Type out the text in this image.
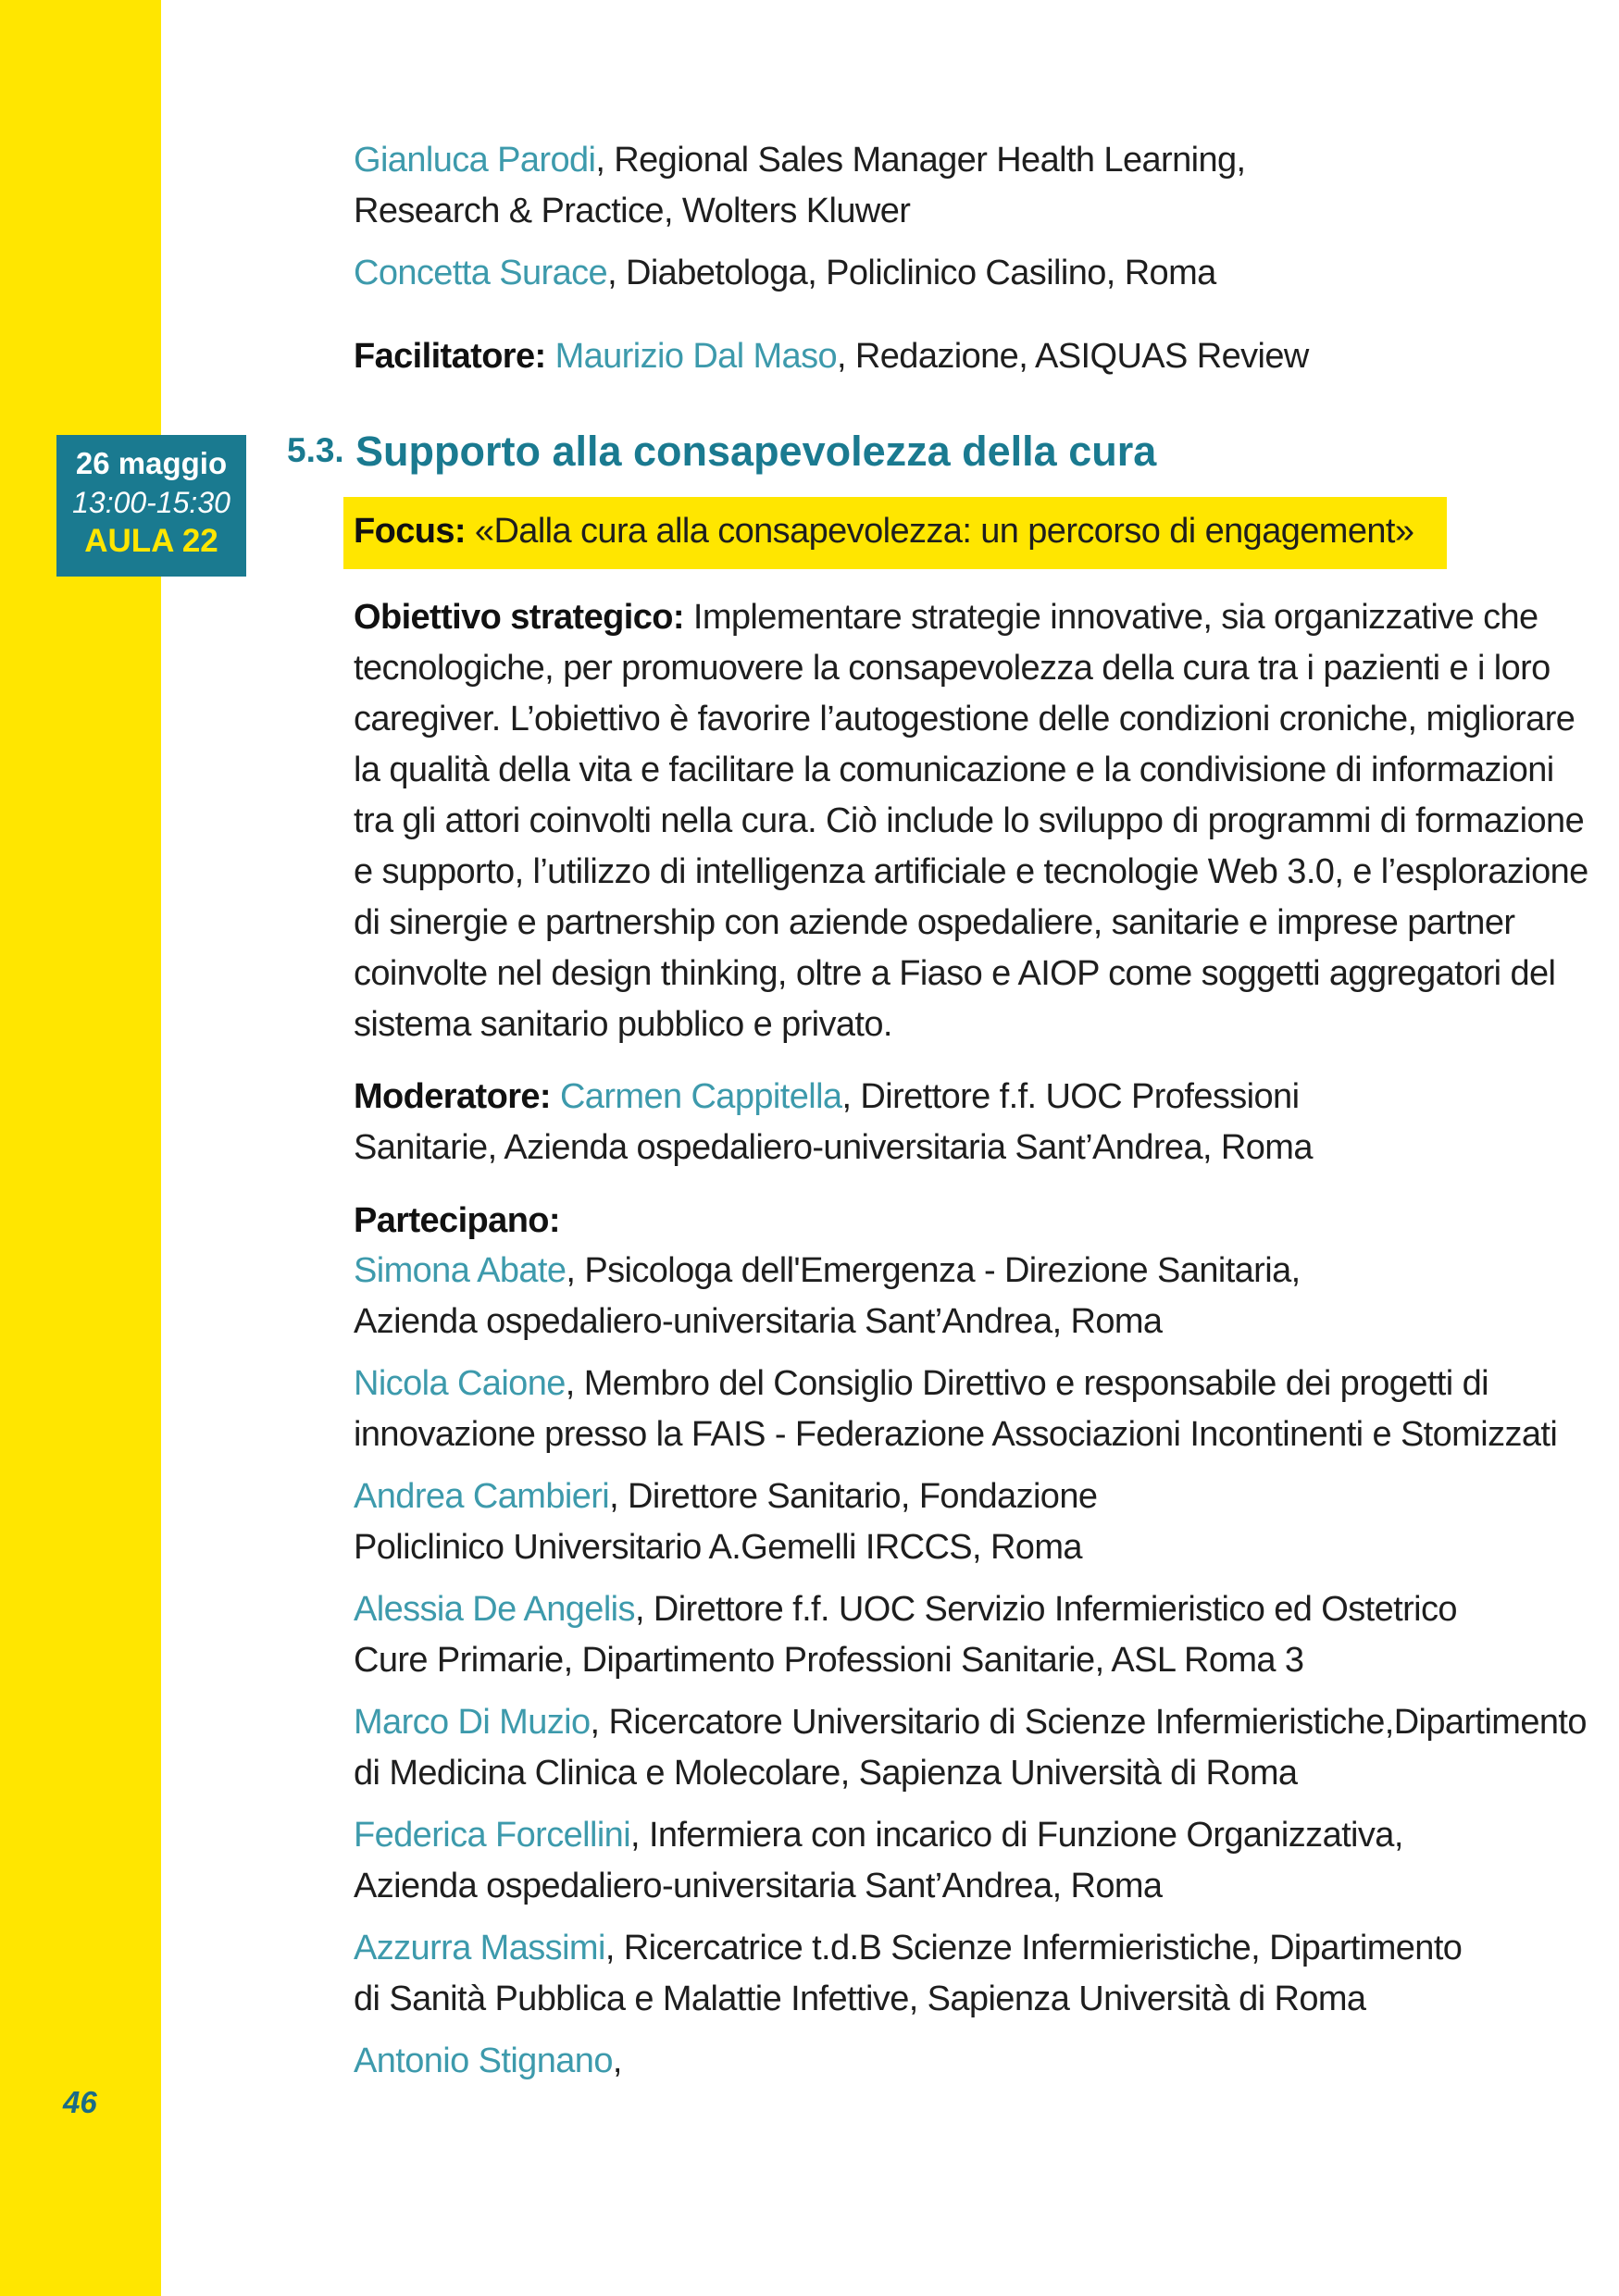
26 maggio
13:00-15:30
AULA 22
46
Gianluca Parodi, Regional Sales Manager Health Learning,
Research & Practice, Wolters Kluwer
Concetta Surace, Diabetologa, Policlinico Casilino, Roma
Facilitatore: Maurizio Dal Maso, Redazione, ASIQUAS Review
5.3. Supporto alla consapevolezza della cura
Focus: «Dalla cura alla consapevolezza: un percorso di engagement»
Obiettivo strategico: Implementare strategie innovative, sia organizzative che
tecnologiche, per promuovere la consapevolezza della cura tra i pazienti e i loro
caregiver. L’obiettivo è favorire l’autogestione delle condizioni croniche, migliorare
la qualità della vita e facilitare la comunicazione e la condivisione di informazioni
tra gli attori coinvolti nella cura. Ciò include lo sviluppo di programmi di formazione
e supporto, l’utilizzo di intelligenza artificiale e tecnologie Web 3.0, e l’esplorazione
di sinergie e partnership con aziende ospedaliere, sanitarie e imprese partner
coinvolte nel design thinking, oltre a Fiaso e AIOP come soggetti aggregatori del
sistema sanitario pubblico e privato.
Moderatore: Carmen Cappitella, Direttore f.f. UOC Professioni
Sanitarie, Azienda ospedaliero-universitaria Sant’Andrea, Roma
Partecipano:
Simona Abate, Psicologa dell'Emergenza - Direzione Sanitaria,
Azienda ospedaliero-universitaria Sant’Andrea, Roma
Nicola Caione, Membro del Consiglio Direttivo e responsabile dei progetti di
innovazione presso la FAIS - Federazione Associazioni Incontinenti e Stomizzati
Andrea Cambieri, Direttore Sanitario, Fondazione
Policlinico Universitario A.Gemelli IRCCS, Roma
Alessia De Angelis, Direttore f.f. UOC Servizio Infermieristico ed Ostetrico
Cure Primarie, Dipartimento Professioni Sanitarie, ASL Roma 3
Marco Di Muzio, Ricercatore Universitario di Scienze Infermieristiche,Dipartimento
di Medicina Clinica e Molecolare, Sapienza Università di Roma
Federica Forcellini, Infermiera con incarico di Funzione Organizzativa,
Azienda ospedaliero-universitaria Sant’Andrea, Roma
Azzurra Massimi, Ricercatrice t.d.B Scienze Infermieristiche, Dipartimento
di Sanità Pubblica e Malattie Infettive, Sapienza Università di Roma
Antonio Stignano,
